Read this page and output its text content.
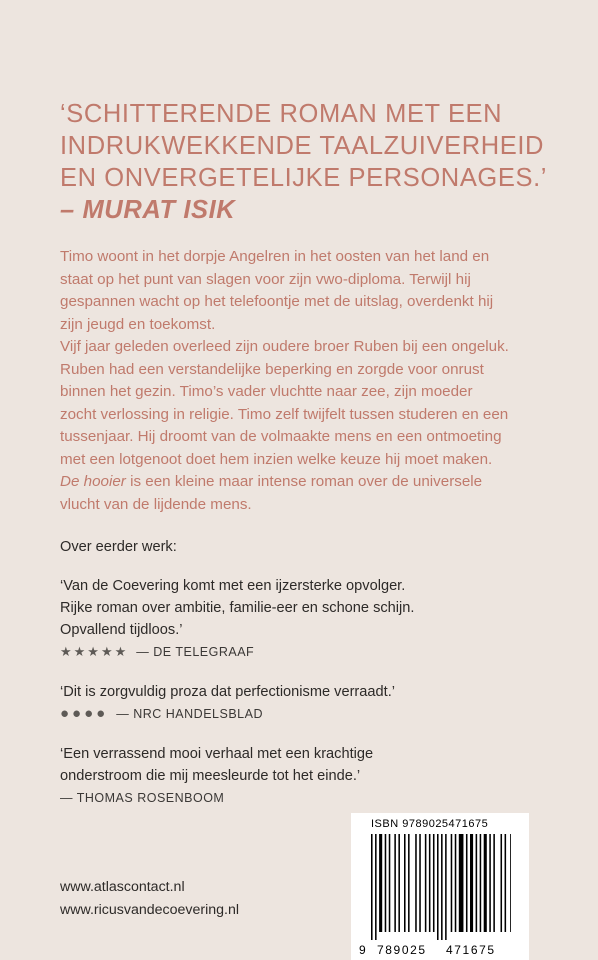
‘SCHITTERENDE ROMAN MET EEN
INDRUKWEKKENDE TAALZUIVERHEID
EN ONVERGETELIJKE PERSONAGES.’
– MURAT ISIK

Timo woont in het dorpje Angelren in het oosten van het land en

staat op het punt van slagen voor zijn vwo-diploma. Terwijl hij

gespannen wacht op het telefoontje met de uitslag, overdenkt hij

zijn jeugd en toekomst.

Vijf jaar geleden overleed zijn oudere broer Ruben bij een ongeluk.

Ruben had een verstandelijke beperking en zorgde voor onrust

binnen het gezin. Timo’s vader vluchtte naar zee, zijn moeder

zocht verlossing in religie. Timo zelf twijfelt tussen studeren en een

tussenjaar. Hij droomt van de volmaakte mens en een ontmoeting

met een lotgenoot doet hem inzien welke keuze hij moet maken.

De hooier is een kleine maar intense roman over de universele

vlucht van de lijdende mens.

Over eerder werk:

‘Van de Coevering komt met een ijzersterke opvolger.

Rijke roman over ambitie, familie-eer en schone schijn.

Opvallend tijdloos.’

★★★★★ — DE TELEGRAAF

‘Dit is zorgvuldig proza dat perfectionisme verraadt.’

●●●● — NRC HANDELSBLAD

‘Een verrassend mooi verhaal met een krachtige

onderstroom die mij meesleurde tot het einde.’

— THOMAS ROSENBOOM

www.atlascontact.nl
www.ricusvandecoevering.nl
ISBN 9789025471675
9 789025 471675
